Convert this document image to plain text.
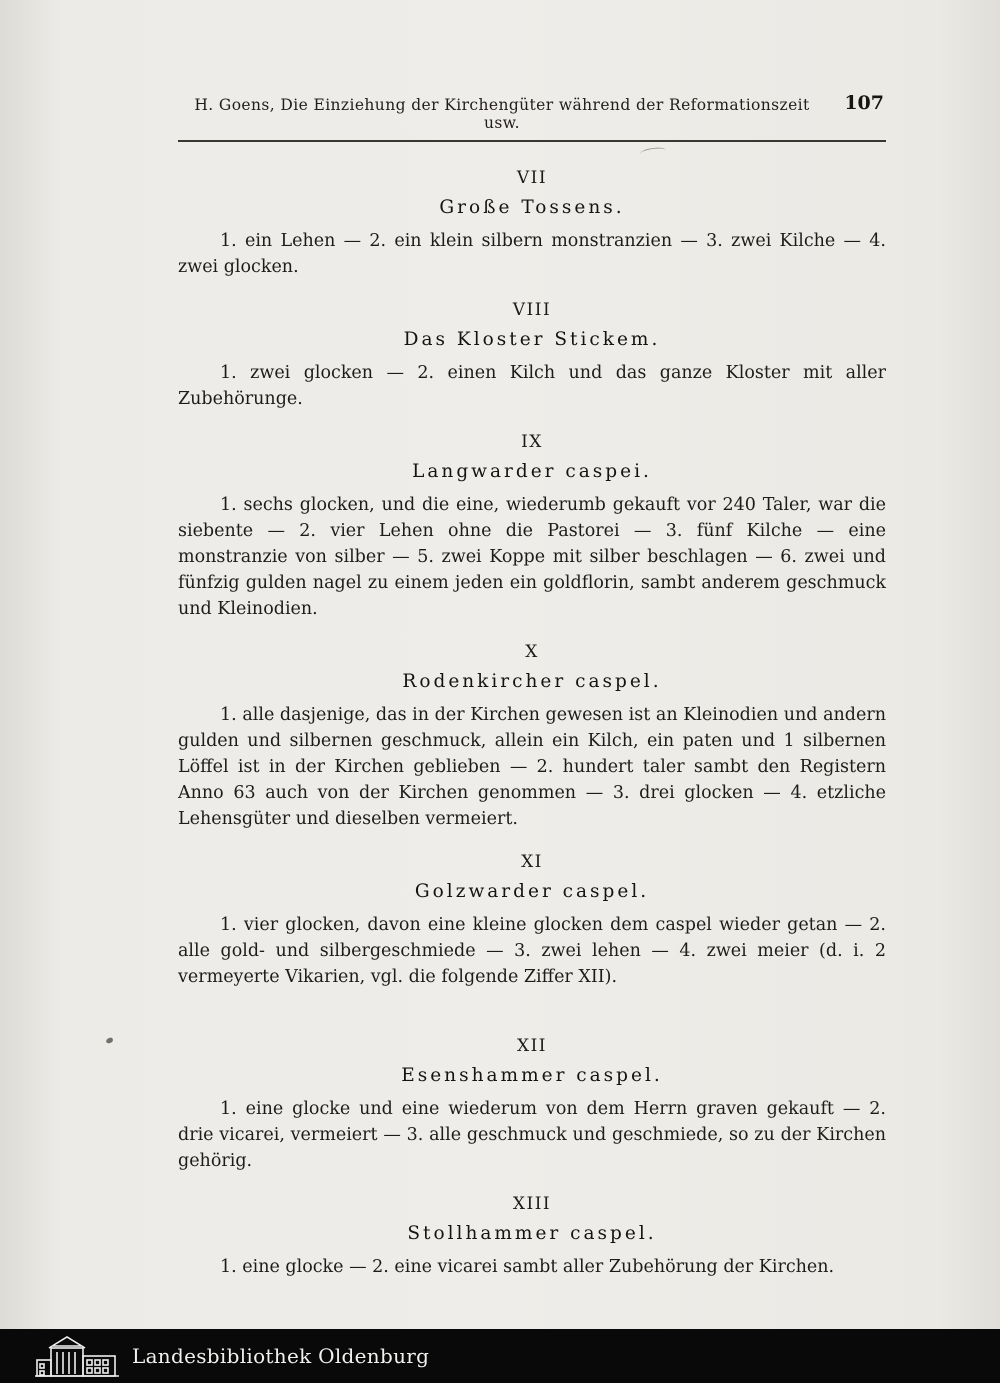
H. Goens, Die Einziehung der Kirchengüter während der Reformationszeit usw.
107
VII
Große Tossens.
1. ein Lehen — 2. ein klein silbern monstranzien — 3. zwei Kilche — 4. zwei glocken.
VIII
Das Kloster Stickem.
1. zwei glocken — 2. einen Kilch und das ganze Kloster mit aller Zubehörunge.
IX
Langwarder caspei.
1. sechs glocken, und die eine, wiederumb gekauft vor 240 Taler, war die siebente — 2. vier Lehen ohne die Pastorei — 3. fünf Kilche — eine monstranzie von silber — 5. zwei Koppe mit silber beschlagen — 6. zwei und fünfzig gulden nagel zu einem jeden ein goldflorin, sambt anderem geschmuck und Kleinodien.
X
Rodenkircher caspel.
1. alle dasjenige, das in der Kirchen gewesen ist an Kleinodien und andern gulden und silbernen geschmuck, allein ein Kilch, ein paten und 1 silbernen Löffel ist in der Kirchen geblieben — 2. hundert taler sambt den Registern Anno 63 auch von der Kirchen genommen — 3. drei glocken — 4. etzliche Lehensgüter und dieselben vermeiert.
XI
Golzwarder caspel.
1. vier glocken, davon eine kleine glocken dem caspel wieder getan — 2. alle gold- und silbergeschmiede — 3. zwei lehen — 4. zwei meier (d. i. 2 vermeyerte Vikarien, vgl. die folgende Ziffer XII).
XII
Esenshammer caspel.
1. eine glocke und eine wiederum von dem Herrn graven gekauft — 2. drie vicarei, vermeiert — 3. alle geschmuck und geschmiede, so zu der Kirchen gehörig.
XIII
Stollhammer caspel.
1. eine glocke — 2. eine vicarei sambt aller Zubehörung der Kirchen.
Landesbibliothek Oldenburg
